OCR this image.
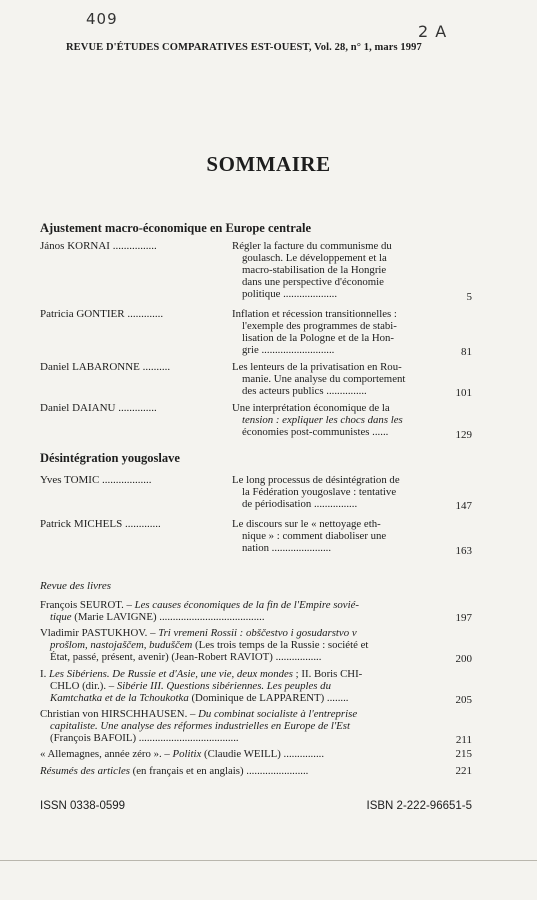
409
2 A
REVUE D'ÉTUDES COMPARATIVES EST-OUEST, Vol. 28, n° 1, mars 1997
SOMMAIRE
Ajustement macro-économique en Europe centrale
János KORNAI ................	Régler la facture du communisme du
goulasch. Le développement et la
macro-stabilisation de la Hongrie
dans une perspective d'économie
politique ....................	5
Patricia GONTIER .............	Inflation et récession transitionnelles :
l'exemple des programmes de stabi-
lisation de la Pologne et de la Hon-
grie ...........................	81
Daniel LABARONNE ..........	Les lenteurs de la privatisation en Rou-
manie. Une analyse du comportement
des acteurs publics ...............	101
Daniel DAIANU ..............	Une interprétation économique de la
tension : expliquer les chocs dans les
économies post-communistes ......	129
Désintégration yougoslave
Yves TOMIC ..................	Le long processus de désintégration de
la Fédération yougoslave : tentative
de périodisation ................	147
Patrick MICHELS .............	Le discours sur le « nettoyage eth-
nique » : comment diaboliser une
nation ......................	163
Revue des livres
François SEUROT. – Les causes économiques de la fin de l'Empire sovié-
tique (Marie LAVIGNE) .......................................	197
Vladimir PASTUKHOV. – Tri vremeni Rossii : obščestvo i gosudarstvo v
prošlom, nastojaščem, buduščem (Les trois temps de la Russie : société et
État, passé, présent, avenir) (Jean-Robert RAVIOT) .................	200
I. Les Sibériens. De Russie et d'Asie, une vie, deux mondes ; II. Boris CHI-
CHLO (dir.). – Sibérie III. Questions sibériennes. Les peuples du
Kamtchatka et de la Tchoukotka (Dominique de LAPPARENT) ........	205
Christian von HIRSCHHAUSEN. – Du combinat socialiste à l'entreprise
capitaliste. Une analyse des réformes industrielles en Europe de l'Est
(François BAFOIL) .....................................	211
« Allemagnes, année zéro ». – Politix (Claudie WEILL) ...............	215
Résumés des articles (en français et en anglais) .......................	221
ISSN 0338-0599	ISBN 2-222-96651-5
